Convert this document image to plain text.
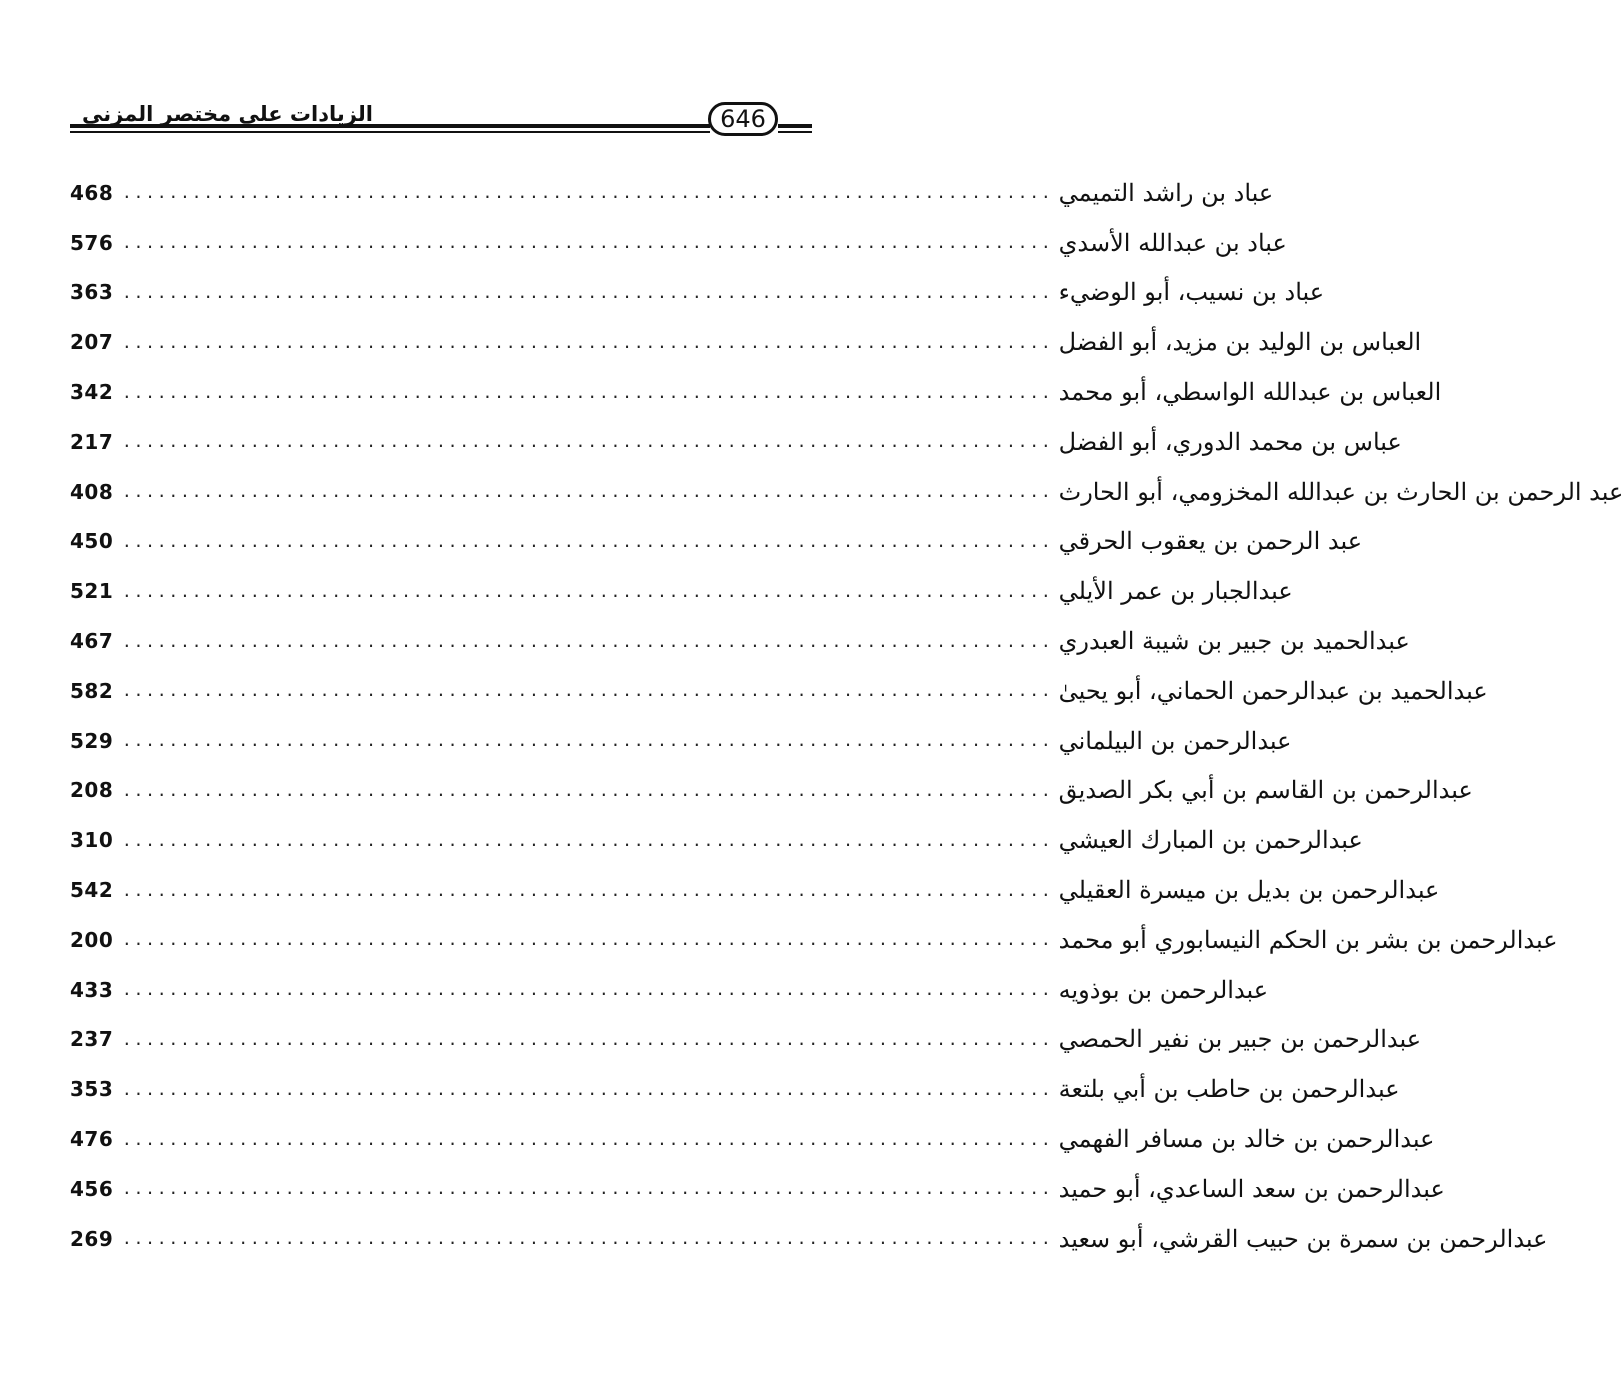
الزيادات على مختصر المزني	646
468 ................................................................................ عباد بن راشد التميمي
576 ................................................................................ عباد بن عبدالله الأسدي
363 ................................................................................ عباد بن نسيب، أبو الوضيء
207 ................................................................................ العباس بن الوليد بن مزيد، أبو الفضل
342 ................................................................................ العباس بن عبدالله الواسطي، أبو محمد
217 ................................................................................ عباس بن محمد الدوري، أبو الفضل
408 ................................................................................ عبد الرحمن بن الحارث بن عبدالله المخزومي، أبو الحارث
450 ................................................................................ عبد الرحمن بن يعقوب الحرقي
521 ................................................................................ عبدالجبار بن عمر الأيلي
467 ................................................................................ عبدالحميد بن جبير بن شيبة العبدري
582 ................................................................................ عبدالحميد بن عبدالرحمن الحماني، أبو يحيىٰ
529 ................................................................................ عبدالرحمن بن البيلماني
208 ................................................................................ عبدالرحمن بن القاسم بن أبي بكر الصديق
310 ................................................................................ عبدالرحمن بن المبارك العيشي
542 ................................................................................ عبدالرحمن بن بديل بن ميسرة العقيلي
200 ................................................................................ عبدالرحمن بن بشر بن الحكم النيسابوري أبو محمد
433 ................................................................................ عبدالرحمن بن بوذويه
237 ................................................................................ عبدالرحمن بن جبير بن نفير الحمصي
353 ................................................................................ عبدالرحمن بن حاطب بن أبي بلتعة
476 ................................................................................ عبدالرحمن بن خالد بن مسافر الفهمي
456 ................................................................................ عبدالرحمن بن سعد الساعدي، أبو حميد
269 ................................................................................ عبدالرحمن بن سمرة بن حبيب القرشي، أبو سعيد
